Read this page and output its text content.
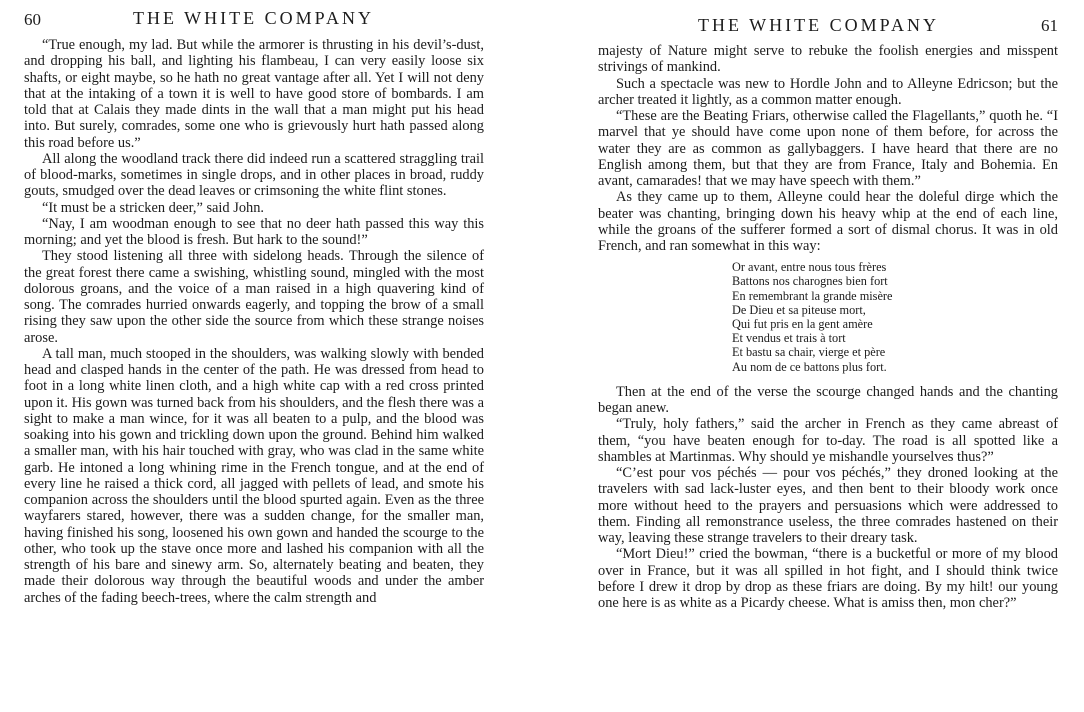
60	THE WHITE COMPANY

“True enough, my lad. But while the armorer is thrusting in his devil’s-dust, and dropping his ball, and lighting his flambeau, I can very easily loose six shafts, or eight maybe, so he hath no great vantage after all. Yet I will not deny that at the intaking of a town it is well to have good store of bombards. I am told that at Calais they made dints in the wall that a man might put his head into. But surely, comrades, some one who is grievously hurt hath passed along this road before us.”

All along the woodland track there did indeed run a scattered straggling trail of blood-marks, sometimes in single drops, and in other places in broad, ruddy gouts, smudged over the dead leaves or crimsoning the white flint stones.

“It must be a stricken deer,” said John.

“Nay, I am woodman enough to see that no deer hath passed this way this morning; and yet the blood is fresh. But hark to the sound!”

They stood listening all three with sidelong heads. Through the silence of the great forest there came a swishing, whistling sound, mingled with the most dolorous groans, and the voice of a man raised in a high quavering kind of song. The comrades hurried onwards eagerly, and topping the brow of a small rising they saw upon the other side the source from which these strange noises arose.

A tall man, much stooped in the shoulders, was walking slowly with bended head and clasped hands in the center of the path. He was dressed from head to foot in a long white linen cloth, and a high white cap with a red cross printed upon it. His gown was turned back from his shoulders, and the flesh there was a sight to make a man wince, for it was all beaten to a pulp, and the blood was soaking into his gown and trickling down upon the ground. Behind him walked a smaller man, with his hair touched with gray, who was clad in the same white garb. He intoned a long whining rime in the French tongue, and at the end of every line he raised a thick cord, all jagged with pellets of lead, and smote his companion across the shoulders until the blood spurted again. Even as the three wayfarers stared, however, there was a sudden change, for the smaller man, having finished his song, loosened his own gown and handed the scourge to the other, who took up the stave once more and lashed his companion with all the strength of his bare and sinewy arm. So, alternately beating and beaten, they made their dolorous way through the beautiful woods and under the amber arches of the fading beech-trees, where the calm strength and

THE WHITE COMPANY	61

majesty of Nature might serve to rebuke the foolish energies and misspent strivings of mankind.

Such a spectacle was new to Hordle John and to Alleyne Edricson; but the archer treated it lightly, as a common matter enough.

“These are the Beating Friars, otherwise called the Flagellants,” quoth he. “I marvel that ye should have come upon none of them before, for across the water they are as common as gallybaggers. I have heard that there are no English among them, but that they are from France, Italy and Bohemia. En avant, camarades! that we may have speech with them.”

As they came up to them, Alleyne could hear the doleful dirge which the beater was chanting, bringing down his heavy whip at the end of each line, while the groans of the sufferer formed a sort of dismal chorus. It was in old French, and ran somewhat in this way:

Or avant, entre nous tous frères
Battons nos charognes bien fort
En remembrant la grande misère
De Dieu et sa piteuse mort,
Qui fut pris en la gent amère
Et vendus et trais à tort
Et bastu sa chair, vierge et père
Au nom de ce battons plus fort.

Then at the end of the verse the scourge changed hands and the chanting began anew.

“Truly, holy fathers,” said the archer in French as they came abreast of them, “you have beaten enough for to-day. The road is all spotted like a shambles at Martinmas. Why should ye mishandle yourselves thus?”

“C’est pour vos péchés — pour vos péchés,” they droned looking at the travelers with sad lack-luster eyes, and then bent to their bloody work once more without heed to the prayers and persuasions which were addressed to them. Finding all remonstrance useless, the three comrades hastened on their way, leaving these strange travelers to their dreary task.

“Mort Dieu!” cried the bowman, “there is a bucketful or more of my blood over in France, but it was all spilled in hot fight, and I should think twice before I drew it drop by drop as these friars are doing. By my hilt! our young one here is as white as a Picardy cheese. What is amiss then, mon cher?”
